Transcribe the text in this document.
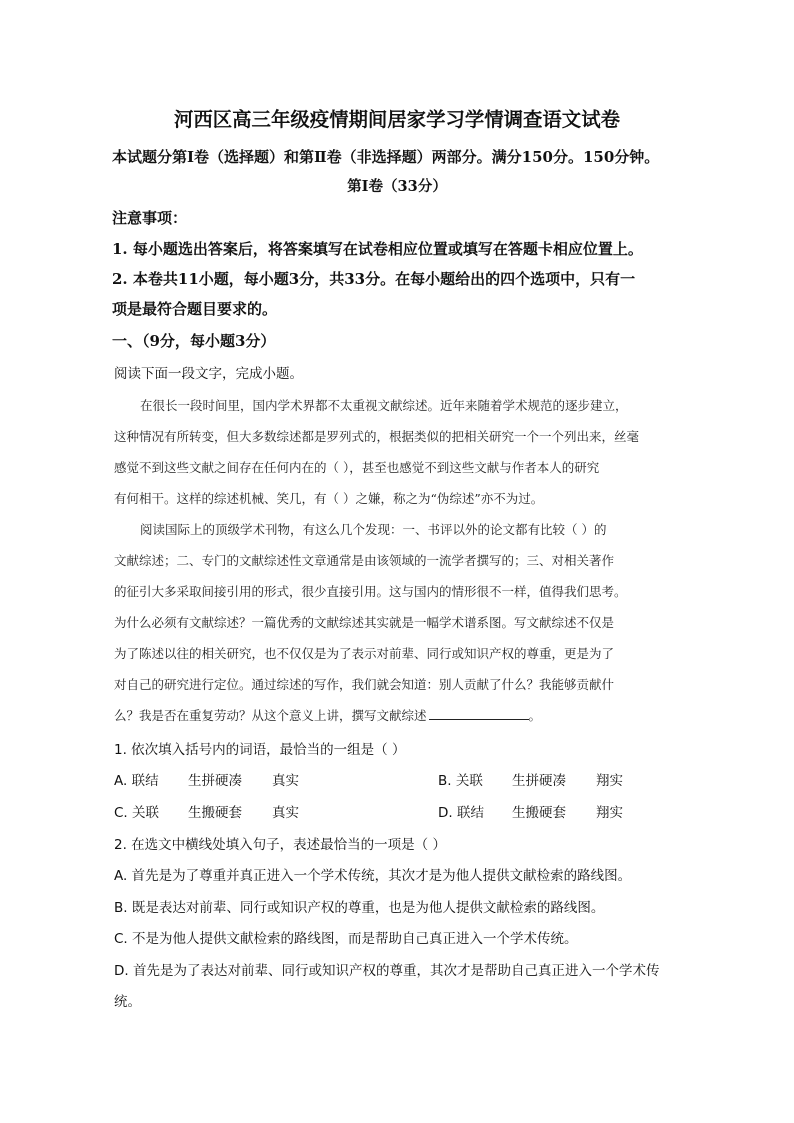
河西区高三年级疫情期间居家学习学情调查语文试卷
本试题分第Ⅰ卷（选择题）和第Ⅱ卷（非选择题）两部分。满分150分。150分钟。
第Ⅰ卷（33分）
注意事项：
1. 每小题选出答案后，将答案填写在试卷相应位置或填写在答题卡相应位置上。
2. 本卷共11小题，每小题3分，共33分。在每小题给出的四个选项中，只有一
项是最符合题目要求的。
一、（9分，每小题3分）
阅读下面一段文字，完成小题。
在很长一段时间里，国内学术界都不太重视文献综述。近年来随着学术规范的逐步建立，
这种情况有所转变，但大多数综述都是罗列式的，根据类似的把相关研究一个一个列出来，丝毫
感觉不到这些文献之间存在任何内在的（ ），甚至也感觉不到这些文献与作者本人的研究
有何相干。这样的综述机械、笑几，有（ ）之嫌，称之为“伪综述”亦不为过。
阅读国际上的顶级学术刊物，有这么几个发现：一、书评以外的论文都有比较（ ）的
文献综述；二、专门的文献综述性文章通常是由该领域的一流学者撰写的；三、对相关著作
的征引大多采取间接引用的形式，很少直接引用。这与国内的情形很不一样，值得我们思考。
为什么必须有文献综述？一篇优秀的文献综述其实就是一幅学术谱系图。写文献综述不仅是
为了陈述以往的相关研究，也不仅仅是为了表示对前辈、同行或知识产权的尊重，更是为了
对自己的研究进行定位。通过综述的写作，我们就会知道：别人贡献了什么？我能够贡献什
么？我是否在重复劳动？从这个意义上讲，撰写文献综述	。
1. 依次填入括号内的词语，最恰当的一组是（ ）
A. 联结 生拼硬凑 真实	B. 关联 生拼硬凑 翔实
C. 关联 生搬硬套 真实	D. 联结 生搬硬套 翔实
2. 在选文中横线处填入句子，表述最恰当的一项是（ ）
A. 首先是为了尊重并真正进入一个学术传统，其次才是为他人提供文献检索的路线图。
B. 既是表达对前辈、同行或知识产权的尊重，也是为他人提供文献检索的路线图。
C. 不是为他人提供文献检索的路线图，而是帮助自己真正进入一个学术传统。
D. 首先是为了表达对前辈、同行或知识产权的尊重，其次才是帮助自己真正进入一个学术传
统。
